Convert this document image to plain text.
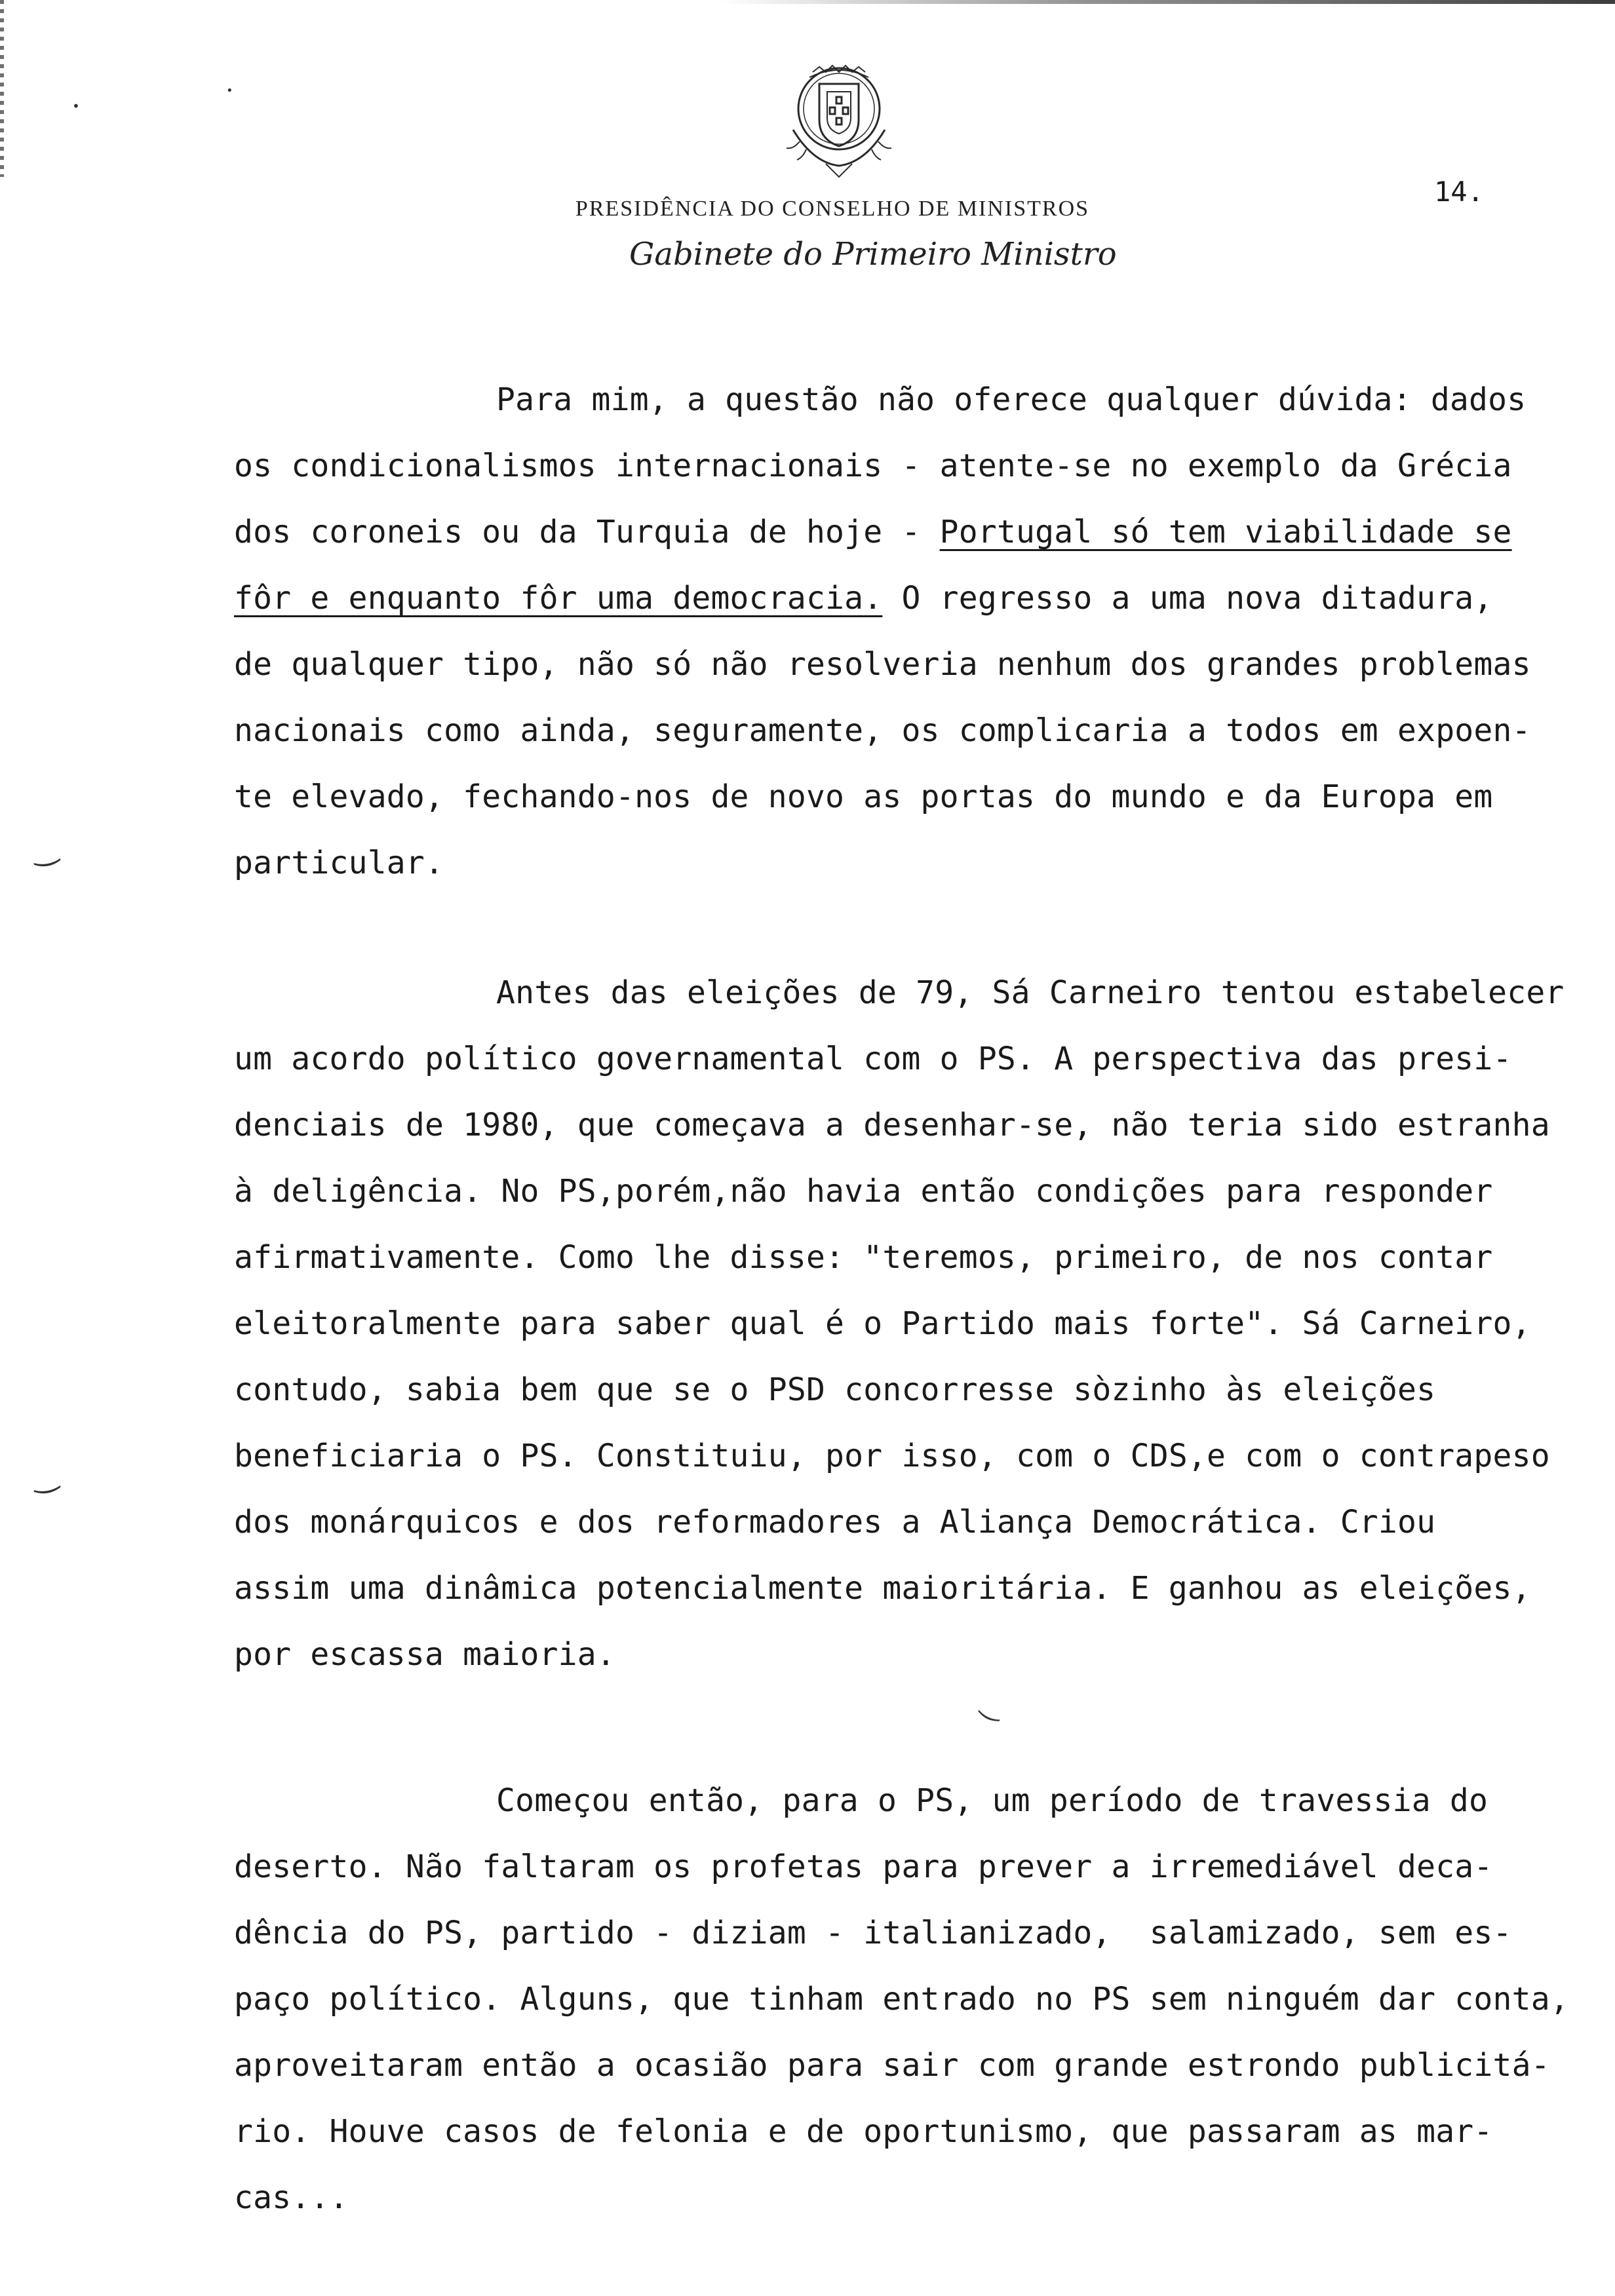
PRESIDÊNCIA DO CONSELHO DE MINISTROS
Gabinete do Primeiro Ministro
14.
Para mim, a questão não oferece qualquer dúvida: dados
os condicionalismos internacionais - atente-se no exemplo da Grécia
dos coroneis ou da Turquia de hoje - Portugal só tem viabilidade se
fôr e enquanto fôr uma democracia. O regresso a uma nova ditadura,
de qualquer tipo, não só não resolveria nenhum dos grandes problemas
nacionais como ainda, seguramente, os complicaria a todos em expoen-
te elevado, fechando-nos de novo as portas do mundo e da Europa em
particular.
Antes das eleições de 79, Sá Carneiro tentou estabelecer
um acordo político governamental com o PS. A perspectiva das presi-
denciais de 1980, que começava a desenhar-se, não teria sido estranha
à deligência. No PS,porém,não havia então condições para responder
afirmativamente. Como lhe disse: "teremos, primeiro, de nos contar
eleitoralmente para saber qual é o Partido mais forte". Sá Carneiro,
contudo, sabia bem que se o PSD concorresse sòzinho às eleições
beneficiaria o PS. Constituiu, por isso, com o CDS,e com o contrapeso
dos monárquicos e dos reformadores a Aliança Democrática. Criou
assim uma dinâmica potencialmente maioritária. E ganhou as eleições,
por escassa maioria.
Começou então, para o PS, um período de travessia do
deserto. Não faltaram os profetas para prever a irremediável deca-
dência do PS, partido - diziam - italianizado,  salamizado, sem es-
paço político. Alguns, que tinham entrado no PS sem ninguém dar conta,
aproveitaram então a ocasião para sair com grande estrondo publicitá-
rio. Houve casos de felonia e de oportunismo, que passaram as mar-
cas...
•
•
‿
‿
‿
